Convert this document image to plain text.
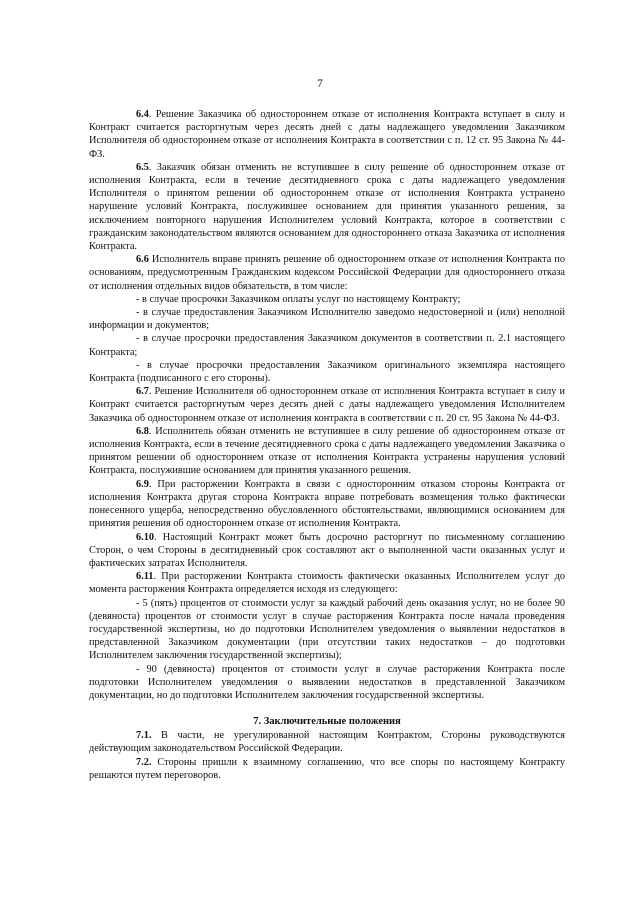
7

6.4. Решение Заказчика об одностороннем отказе от исполнения Контракта вступает в силу и Контракт считается расторгнутым через десять дней с даты надлежащего уведомления Заказчиком Исполнителя об одностороннем отказе от исполнения Контракта в соответствии с п. 12 ст. 95 Закона № 44-ФЗ.

6.5. Заказчик обязан отменить не вступившее в силу решение об одностороннем отказе от исполнения Контракта, если в течение десятидневного срока с даты надлежащего уведомления Исполнителя о принятом решении об одностороннем отказе от исполнения Контракта устранено нарушение условий Контракта, послужившее основанием для принятия указанного решения, за исключением повторного нарушения Исполнителем условий Контракта, которое в соответствии с гражданским законодательством являются основанием для одностороннего отказа Заказчика от исполнения Контракта.

6.6 Исполнитель вправе принять решение об одностороннем отказе от исполнения Контракта по основаниям, предусмотренным Гражданским кодексом Российской Федерации для одностороннего отказа от исполнения отдельных видов обязательств, в том числе:

- в случае просрочки Заказчиком оплаты услуг по настоящему Контракту;

- в случае предоставления Заказчиком Исполнителю заведомо недостоверной и (или) неполной информации и документов;

- в случае просрочки предоставления Заказчиком документов в соответствии п. 2.1 настоящего Контракта;

- в случае просрочки предоставления Заказчиком оригинального экземпляра настоящего Контракта (подписанного с его стороны).

6.7. Решение Исполнителя об одностороннем отказе от исполнения Контракта вступает в силу и Контракт считается расторгнутым через десять дней с даты надлежащего уведомления Исполнителем Заказчика об одностороннем отказе от исполнения контракта в соответствии с п. 20 ст. 95 Закона № 44-ФЗ.

6.8. Исполнитель обязан отменить не вступившее в силу решение об одностороннем отказе от исполнения Контракта, если в течение десятидневного срока с даты надлежащего уведомления Заказчика о принятом решении об одностороннем отказе от исполнения Контракта устранены нарушения условий Контракта, послужившие основанием для принятия указанного решения.

6.9. При расторжении Контракта в связи с односторонним отказом стороны Контракта от исполнения Контракта другая сторона Контракта вправе потребовать возмещения только фактически понесенного ущерба, непосредственно обусловленного обстоятельствами, являющимися основанием для принятия решения об одностороннем отказе от исполнения Контракта.

6.10. Настоящий Контракт может быть досрочно расторгнут по письменному соглашению Сторон, о чем Стороны в десятидневный срок составляют акт о выполненной части оказанных услуг и фактических затратах Исполнителя.

6.11. При расторжении Контракта стоимость фактически оказанных Исполнителем услуг до момента расторжения Контракта определяется исходя из следующего:

- 5 (пять) процентов от стоимости услуг за каждый рабочий день оказания услуг, но не более 90 (девяноста) процентов от стоимости услуг в случае расторжения Контракта после начала проведения государственной экспертизы, но до подготовки Исполнителем уведомления о выявлении недостатков в представленной Заказчиком документации (при отсутствии таких недостатков – до подготовки Исполнителем заключения государственной экспертизы);

- 90 (девяноста) процентов от стоимости услуг в случае расторжения Контракта после подготовки Исполнителем уведомления о выявлении недостатков в представленной Заказчиком документации, но до подготовки Исполнителем заключения государственной экспертизы.

7. Заключительные положения

7.1. В части, не урегулированной настоящим Контрактом, Стороны руководствуются действующим законодательством Российской Федерации.

7.2. Стороны пришли к взаимному соглашению, что все споры по настоящему Контракту решаются путем переговоров.
